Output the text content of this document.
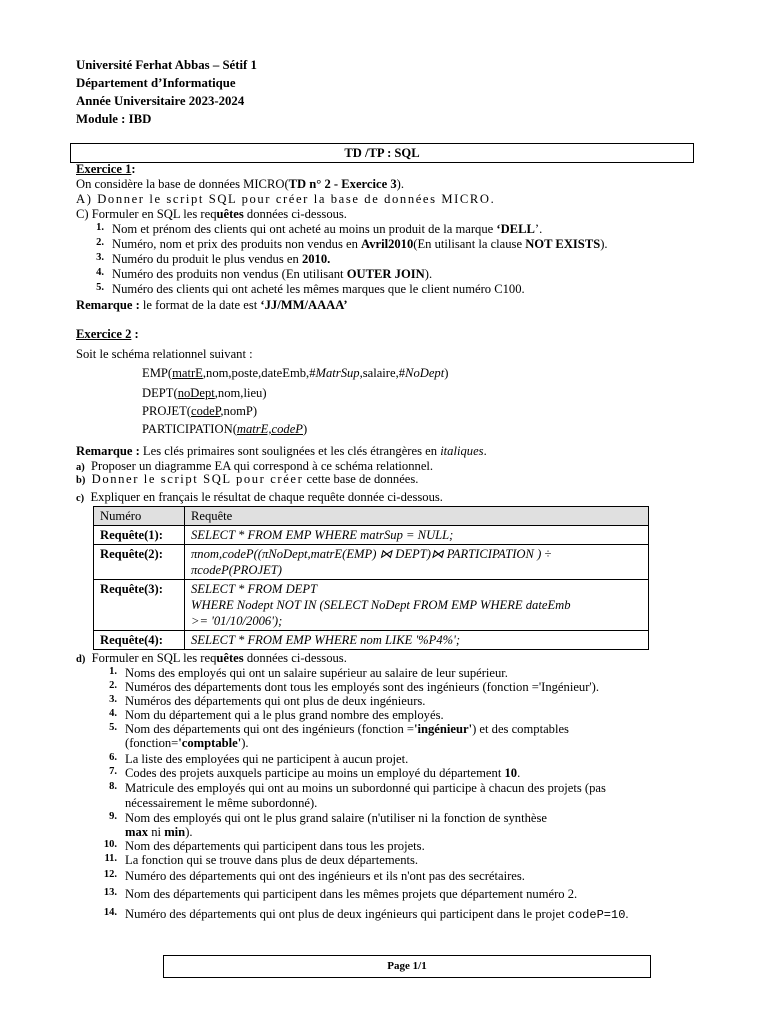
Université Ferhat Abbas – Sétif 1
Département d’Informatique
Année Universitaire 2023-2024
Module : IBD
TD /TP : SQL
Exercice 1:
On considère la base de données MICRO(TD n° 2 - Exercice 3).
A) Donner le script SQL pour créer la base de données MICRO.
C) Formuler en SQL les requêtes données ci-dessous.
1. Nom et prénom des clients qui ont acheté au moins un produit de la marque ‘DELL’.
2. Numéro, nom et prix des produits non vendus en Avril2010(En utilisant la clause NOT EXISTS).
3. Numéro du produit le plus vendus en 2010.
4. Numéro des produits non vendus (En utilisant OUTER JOIN).
5. Numéro des clients qui ont acheté les mêmes marques que le client numéro C100.
Remarque : le format de la date est ‘JJ/MM/AAAA’
Exercice 2 :
Soit le schéma relationnel suivant :
EMP(matrE,nom,poste,dateEmb,#MatrSup,salaire,#NoDept)
DEPT(noDept,nom,lieu)
PROJET(codeP,nomP)
PARTICIPATION(matrE,codeP)
Remarque : Les clés primaires sont soulignées et les clés étrangères en italiques.
a) Proposer un diagramme EA qui correspond à ce schéma relationnel.
b) Donner le script SQL pour créer cette base de données.
c) Expliquer en français le résultat de chaque requête donnée ci-dessous.
Numéro	Requête
Requête(1):	SELECT * FROM EMP WHERE matrSup = NULL;

Requête(2):	πnom,codeP((πNoDept,matrE(EMP) ⋈ DEPT)⋈ PARTICIPATION ) ÷
πcodeP(PROJET)

Requête(3):	SELECT * FROM DEPT
WHERE Nodept NOT IN (SELECT NoDept FROM EMP WHERE dateEmb
>= '01/10/2006');

Requête(4):	SELECT * FROM EMP WHERE nom LIKE '%P4%';
d) Formuler en SQL les requêtes données ci-dessous.
1. Noms des employés qui ont un salaire supérieur au salaire de leur supérieur.
2. Numéros des départements dont tous les employés sont des ingénieurs (fonction ='Ingénieur').
3. Numéros des départements qui ont plus de deux ingénieurs.
4. Nom du département qui a le plus grand nombre des employés.
5. Nom des départements qui ont des ingénieurs (fonction ='ingénieur') et des comptables
(fonction='comptable').
6. La liste des employées qui ne participent à aucun projet.
7. Codes des projets auxquels participe au moins un employé du département 10.
8. Matricule des employés qui ont au moins un subordonné qui participe à chacun des projets (pas
nécessairement le même subordonné).
9. Nom des employés qui ont le plus grand salaire (n'utiliser ni la fonction de synthèse
max ni min).
10. Nom des départements qui participent dans tous les projets.
11. La fonction qui se trouve dans plus de deux départements.
12. Numéro des départements qui ont des ingénieurs et ils n'ont pas des secrétaires.
13. Nom des départements qui participent dans les mêmes projets que département numéro 2.
14. Numéro des départements qui ont plus de deux ingénieurs qui participent dans le projet codeP=10.
Page 1/1
